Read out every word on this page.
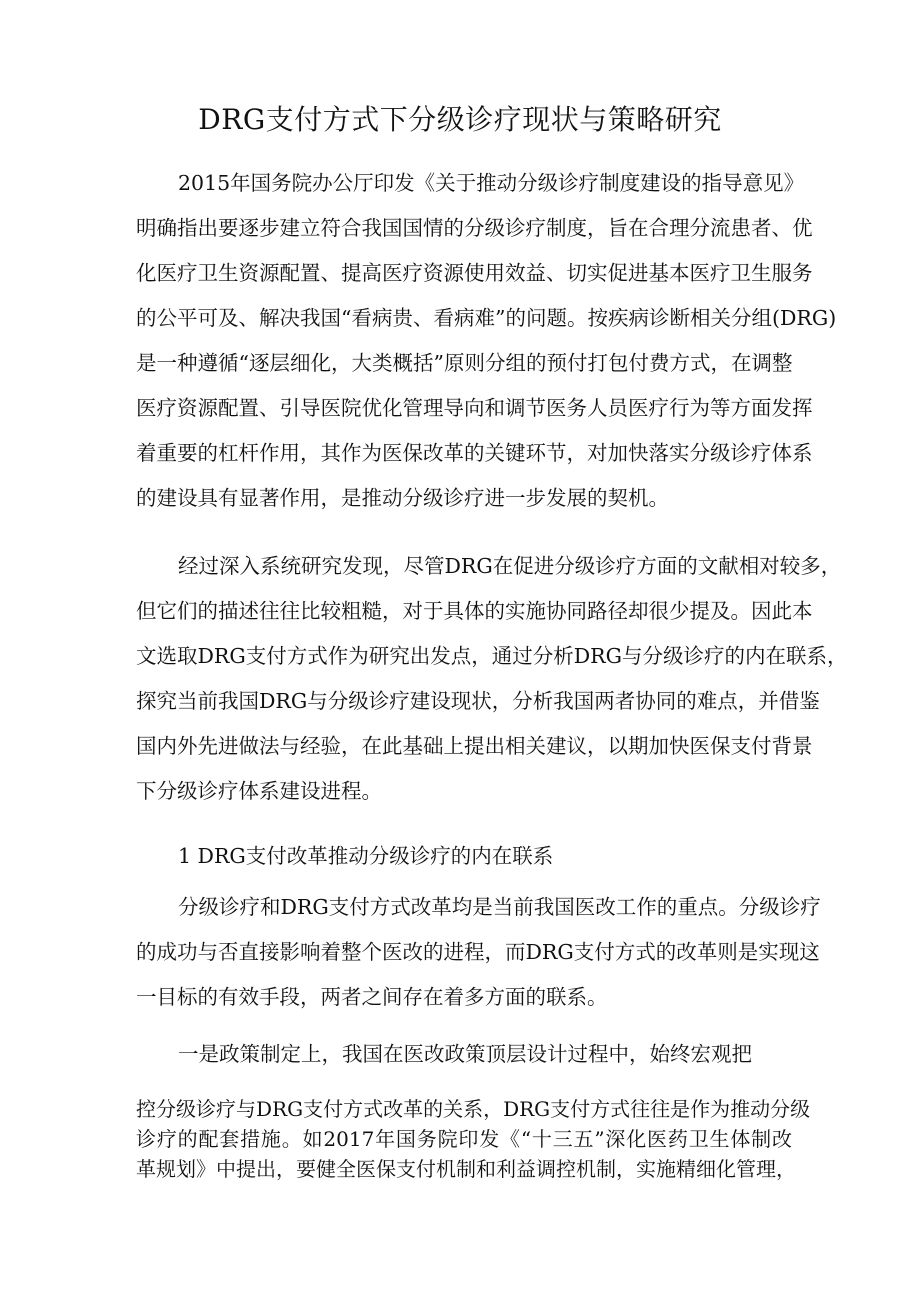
DRG支付方式下分级诊疗现状与策略研究
2015年国务院办公厅印发《关于推动分级诊疗制度建设的指导意见》
明确指出要逐步建立符合我国国情的分级诊疗制度，旨在合理分流患者、优
化医疗卫生资源配置、提高医疗资源使用效益、切实促进基本医疗卫生服务
的公平可及、解决我国“看病贵、看病难”的问题。按疾病诊断相关分组(DRG)
是一种遵循“逐层细化，大类概括”原则分组的预付打包付费方式，在调整
医疗资源配置、引导医院优化管理导向和调节医务人员医疗行为等方面发挥
着重要的杠杆作用，其作为医保改革的关键环节，对加快落实分级诊疗体系
的建设具有显著作用，是推动分级诊疗进一步发展的契机。
经过深入系统研究发现，尽管DRG在促进分级诊疗方面的文献相对较多，
但它们的描述往往比较粗糙，对于具体的实施协同路径却很少提及。因此本
文选取DRG支付方式作为研究出发点，通过分析DRG与分级诊疗的内在联系，
探究当前我国DRG与分级诊疗建设现状，分析我国两者协同的难点，并借鉴
国内外先进做法与经验，在此基础上提出相关建议，以期加快医保支付背景
下分级诊疗体系建设进程。
1 DRG支付改革推动分级诊疗的内在联系
分级诊疗和DRG支付方式改革均是当前我国医改工作的重点。分级诊疗
的成功与否直接影响着整个医改的进程，而DRG支付方式的改革则是实现这
一目标的有效手段，两者之间存在着多方面的联系。
一是政策制定上，我国在医改政策顶层设计过程中，始终宏观把
控分级诊疗与DRG支付方式改革的关系，DRG支付方式往往是作为推动分级
诊疗的配套措施。如2017年国务院印发《“十三五”深化医药卫生体制改
革规划》中提出，要健全医保支付机制和利益调控机制，实施精细化管理，
